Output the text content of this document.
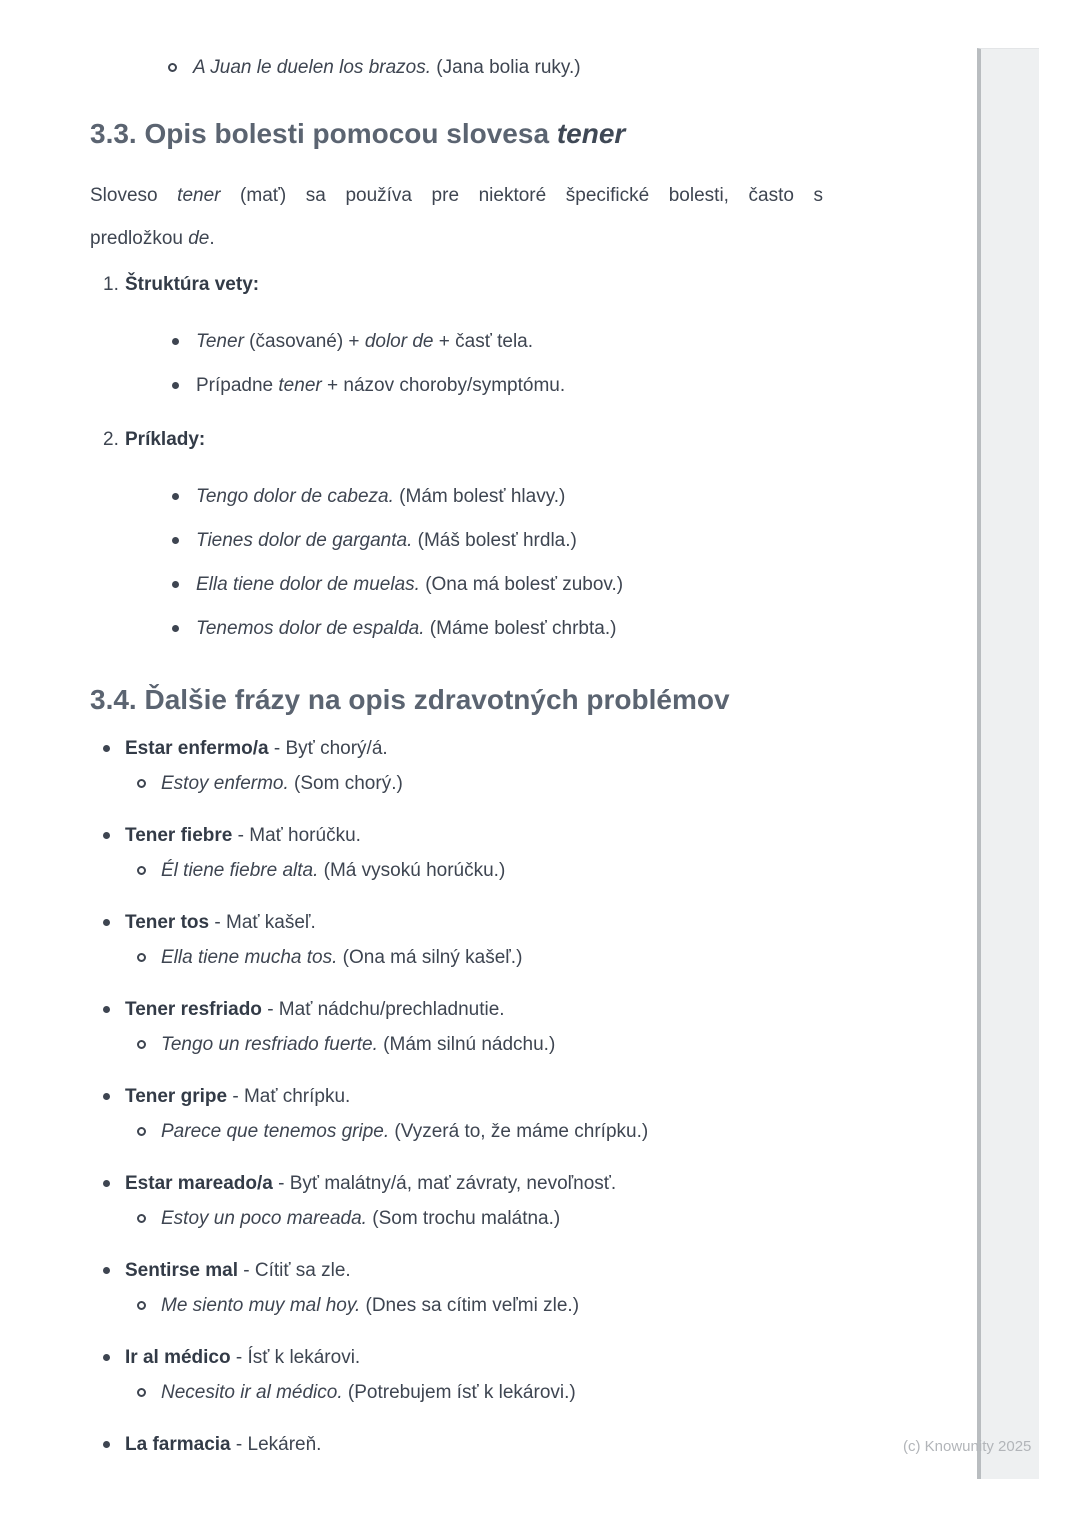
A Juan le duelen los brazos. (Jana bolia ruky.)
3.3. Opis bolesti pomocou slovesa tener
Sloveso tener (mať) sa používa pre niektoré špecifické bolesti, často s
predložkou de.
1. Štruktúra vety:
Tener (časované) + dolor de + časť tela.
Prípadne tener + názov choroby/symptómu.
2. Príklady:
Tengo dolor de cabeza. (Mám bolesť hlavy.)
Tienes dolor de garganta. (Máš bolesť hrdla.)
Ella tiene dolor de muelas. (Ona má bolesť zubov.)
Tenemos dolor de espalda. (Máme bolesť chrbta.)
3.4. Ďalšie frázy na opis zdravotných problémov
Estar enfermo/a - Byť chorý/á.
Estoy enfermo. (Som chorý.)
Tener fiebre - Mať horúčku.
Él tiene fiebre alta. (Má vysokú horúčku.)
Tener tos - Mať kašeľ.
Ella tiene mucha tos. (Ona má silný kašeľ.)
Tener resfriado - Mať nádchu/prechladnutie.
Tengo un resfriado fuerte. (Mám silnú nádchu.)
Tener gripe - Mať chrípku.
Parece que tenemos gripe. (Vyzerá to, že máme chrípku.)
Estar mareado/a - Byť malátny/á, mať závraty, nevoľnosť.
Estoy un poco mareada. (Som trochu malátna.)
Sentirse mal - Cítiť sa zle.
Me siento muy mal hoy. (Dnes sa cítim veľmi zle.)
Ir al médico - Ísť k lekárovi.
Necesito ir al médico. (Potrebujem ísť k lekárovi.)
La farmacia - Lekáreň.	(c) Knowunity 2025
